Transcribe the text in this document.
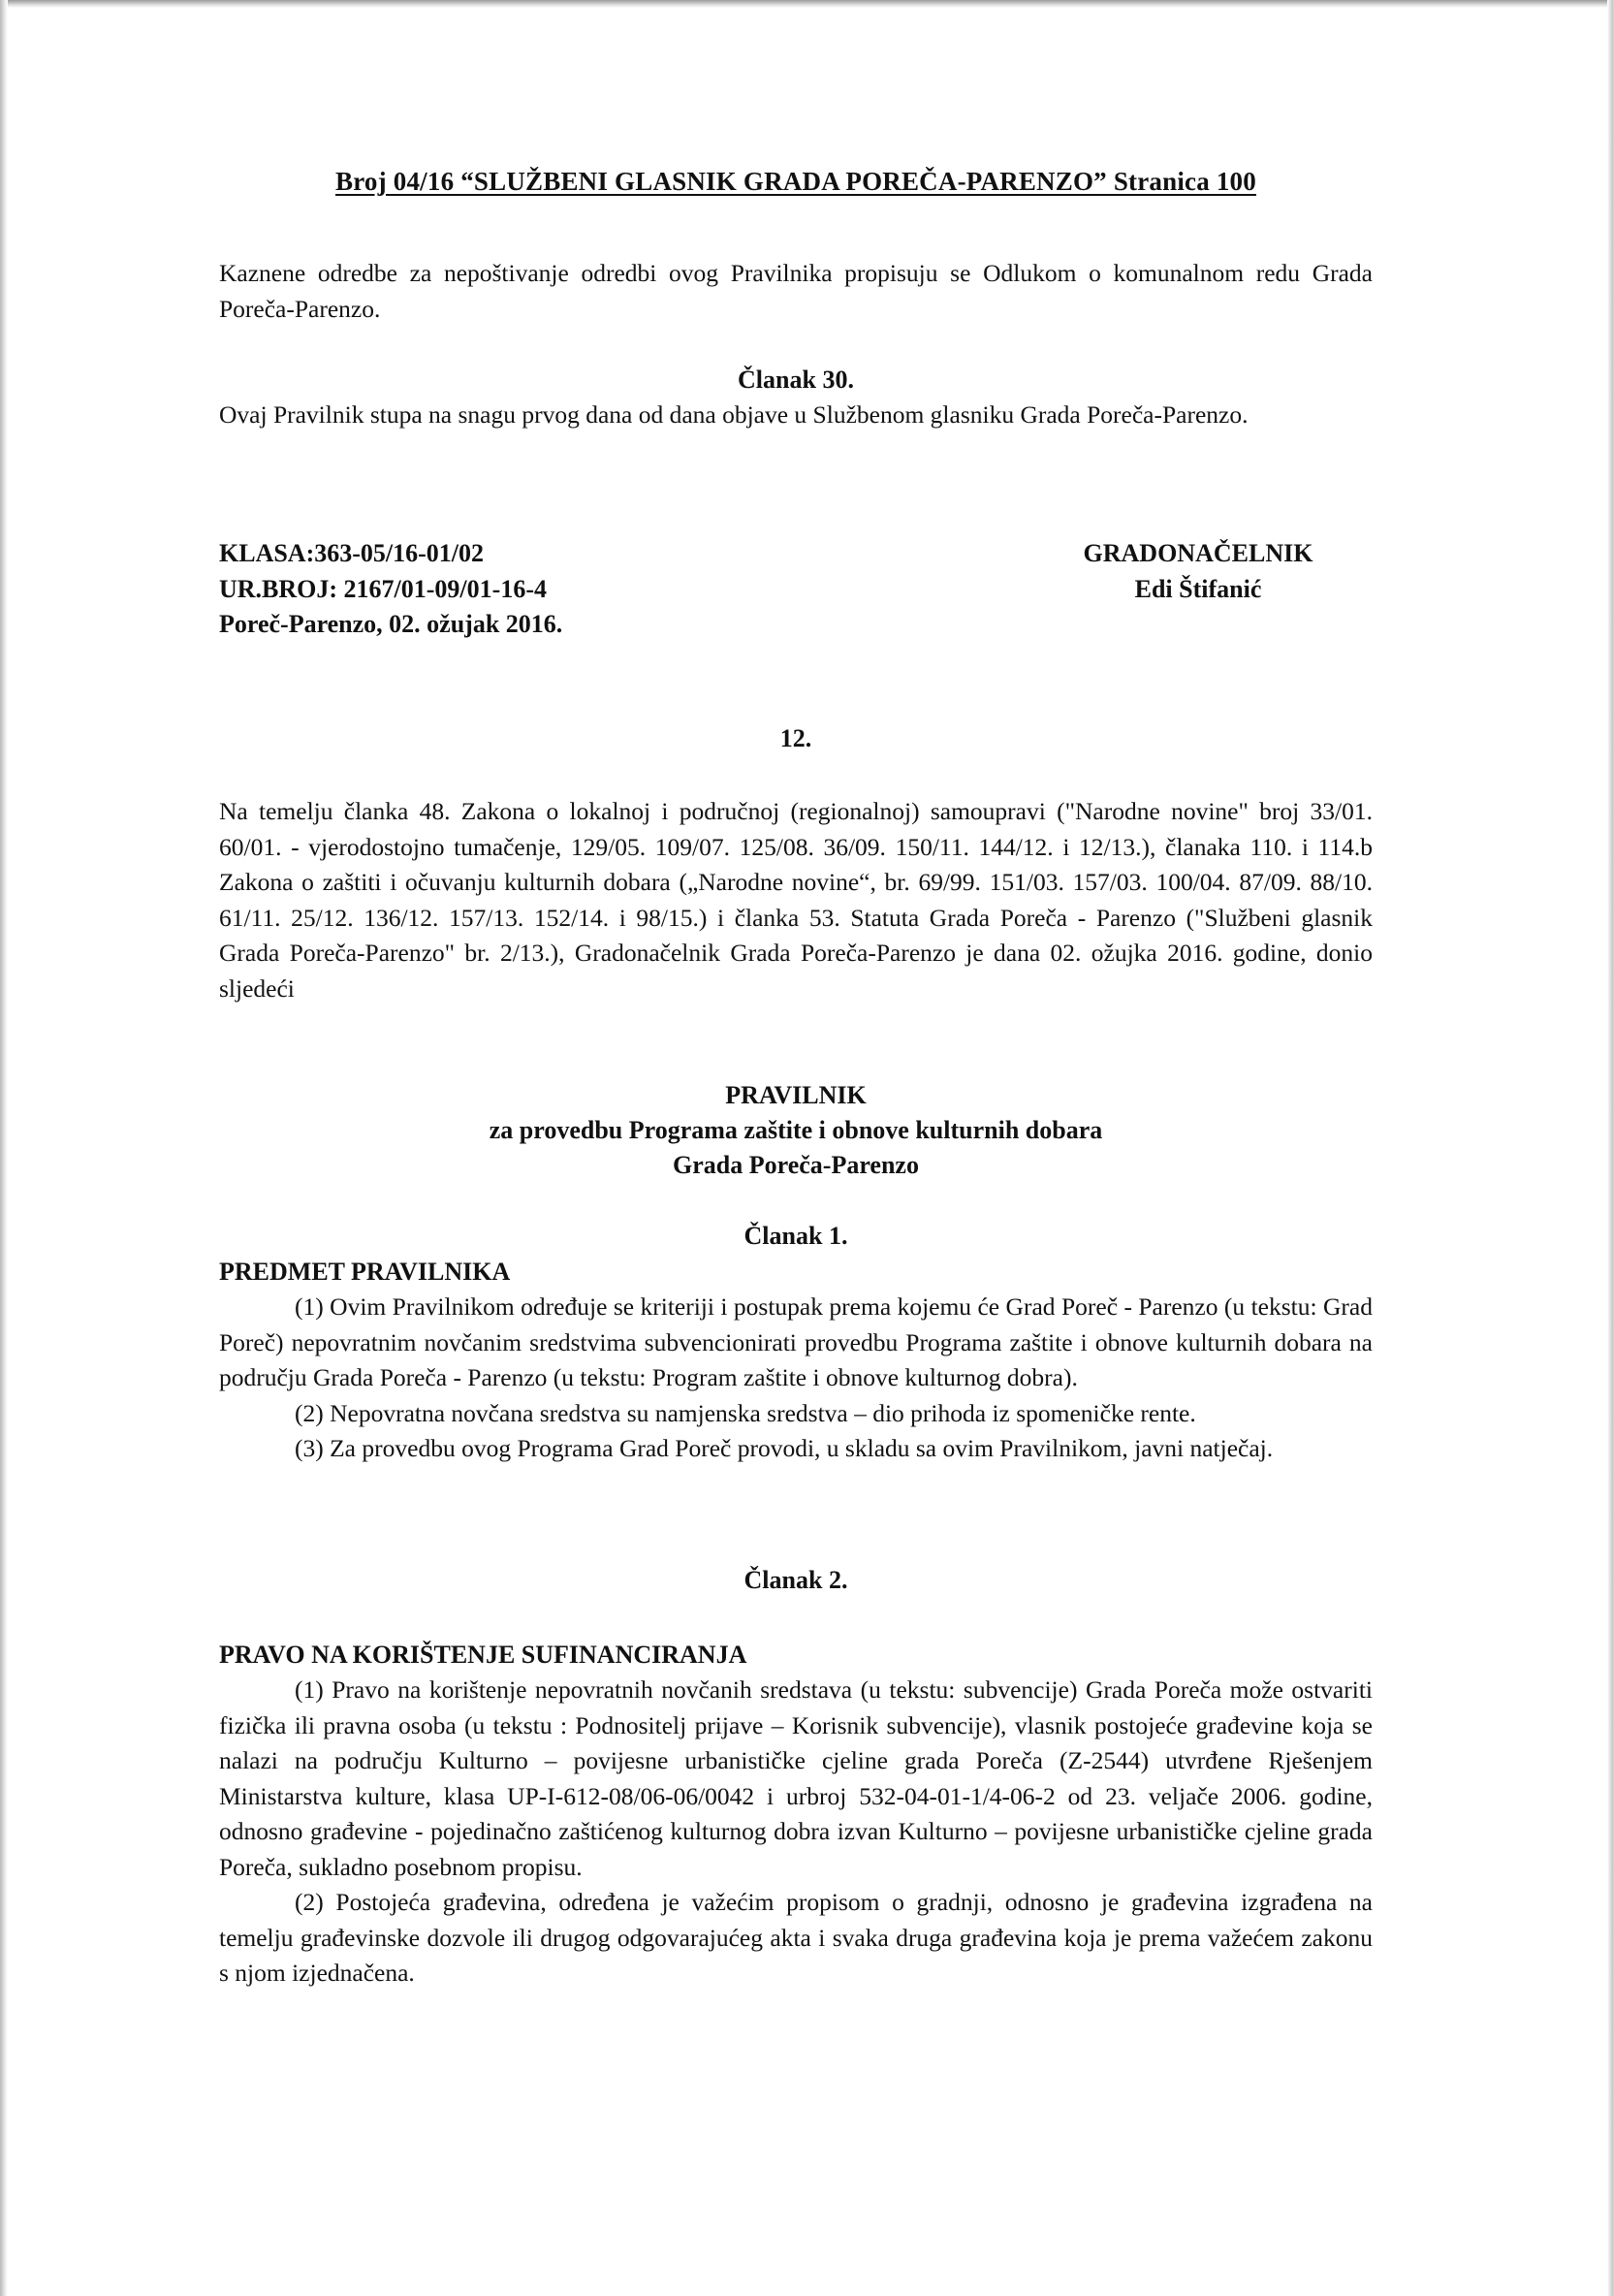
Broj 04/16 “SLUŽBENI GLASNIK GRADA POREČA-PARENZO” Stranica 100

Kaznene odredbe za nepoštivanje odredbi ovog Pravilnika propisuju se Odlukom o komunalnom redu Grada Poreča-Parenzo.

Članak 30.

Ovaj Pravilnik stupa na snagu prvog dana od dana objave u Službenom glasniku Grada Poreča-Parenzo.

KLASA:363-05/16-01/02
UR.BROJ: 2167/01-09/01-16-4
Poreč-Parenzo, 02. ožujak 2016.
GRADONAČELNIK
Edi Štifanić
12.

Na temelju članka 48. Zakona o lokalnoj i područnoj (regionalnoj) samoupravi ("Narodne novine" broj 33/01. 60/01. - vjerodostojno tumačenje, 129/05. 109/07. 125/08. 36/09. 150/11. 144/12. i 12/13.), članaka 110. i 114.b Zakona o zaštiti i očuvanju kulturnih dobara („Narodne novine“, br. 69/99. 151/03. 157/03. 100/04. 87/09. 88/10. 61/11. 25/12. 136/12. 157/13. 152/14. i 98/15.) i članka 53. Statuta Grada Poreča - Parenzo ("Službeni glasnik Grada Poreča-Parenzo" br. 2/13.), Gradonačelnik Grada Poreča-Parenzo je dana 02. ožujka 2016. godine, donio sljedeći

PRAVILNIK
za provedbu Programa zaštite i obnove kulturnih dobara
Grada Poreča-Parenzo
Članak 1.
PREDMET PRAVILNIKA

(1) Ovim Pravilnikom određuje se kriteriji i postupak prema kojemu će Grad Poreč - Parenzo (u tekstu: Grad Poreč) nepovratnim novčanim sredstvima subvencionirati provedbu Programa zaštite i obnove kulturnih dobara na području Grada Poreča - Parenzo (u tekstu: Program zaštite i obnove kulturnog dobra).

(2) Nepovratna novčana sredstva su namjenska sredstva – dio prihoda iz spomeničke rente.

(3) Za provedbu ovog Programa Grad Poreč provodi, u skladu sa ovim Pravilnikom, javni natječaj.

Članak 2.
PRAVO NA KORIŠTENJE SUFINANCIRANJA

(1) Pravo na korištenje nepovratnih novčanih sredstava (u tekstu: subvencije) Grada Poreča može ostvariti fizička ili pravna osoba (u tekstu : Podnositelj prijave – Korisnik subvencije), vlasnik postojeće građevine koja se nalazi na području Kulturno – povijesne urbanističke cjeline grada Poreča (Z-2544) utvrđene Rješenjem Ministarstva kulture, klasa UP-I-612-08/06-06/0042 i urbroj 532-04-01-1/4-06-2 od 23. veljače 2006. godine, odnosno građevine - pojedinačno zaštićenog kulturnog dobra izvan Kulturno – povijesne urbanističke cjeline grada Poreča, sukladno posebnom propisu.

(2) Postojeća građevina, određena je važećim propisom o gradnji, odnosno je građevina izgrađena na temelju građevinske dozvole ili drugog odgovarajućeg akta i svaka druga građevina koja je prema važećem zakonu s njom izjednačena.
